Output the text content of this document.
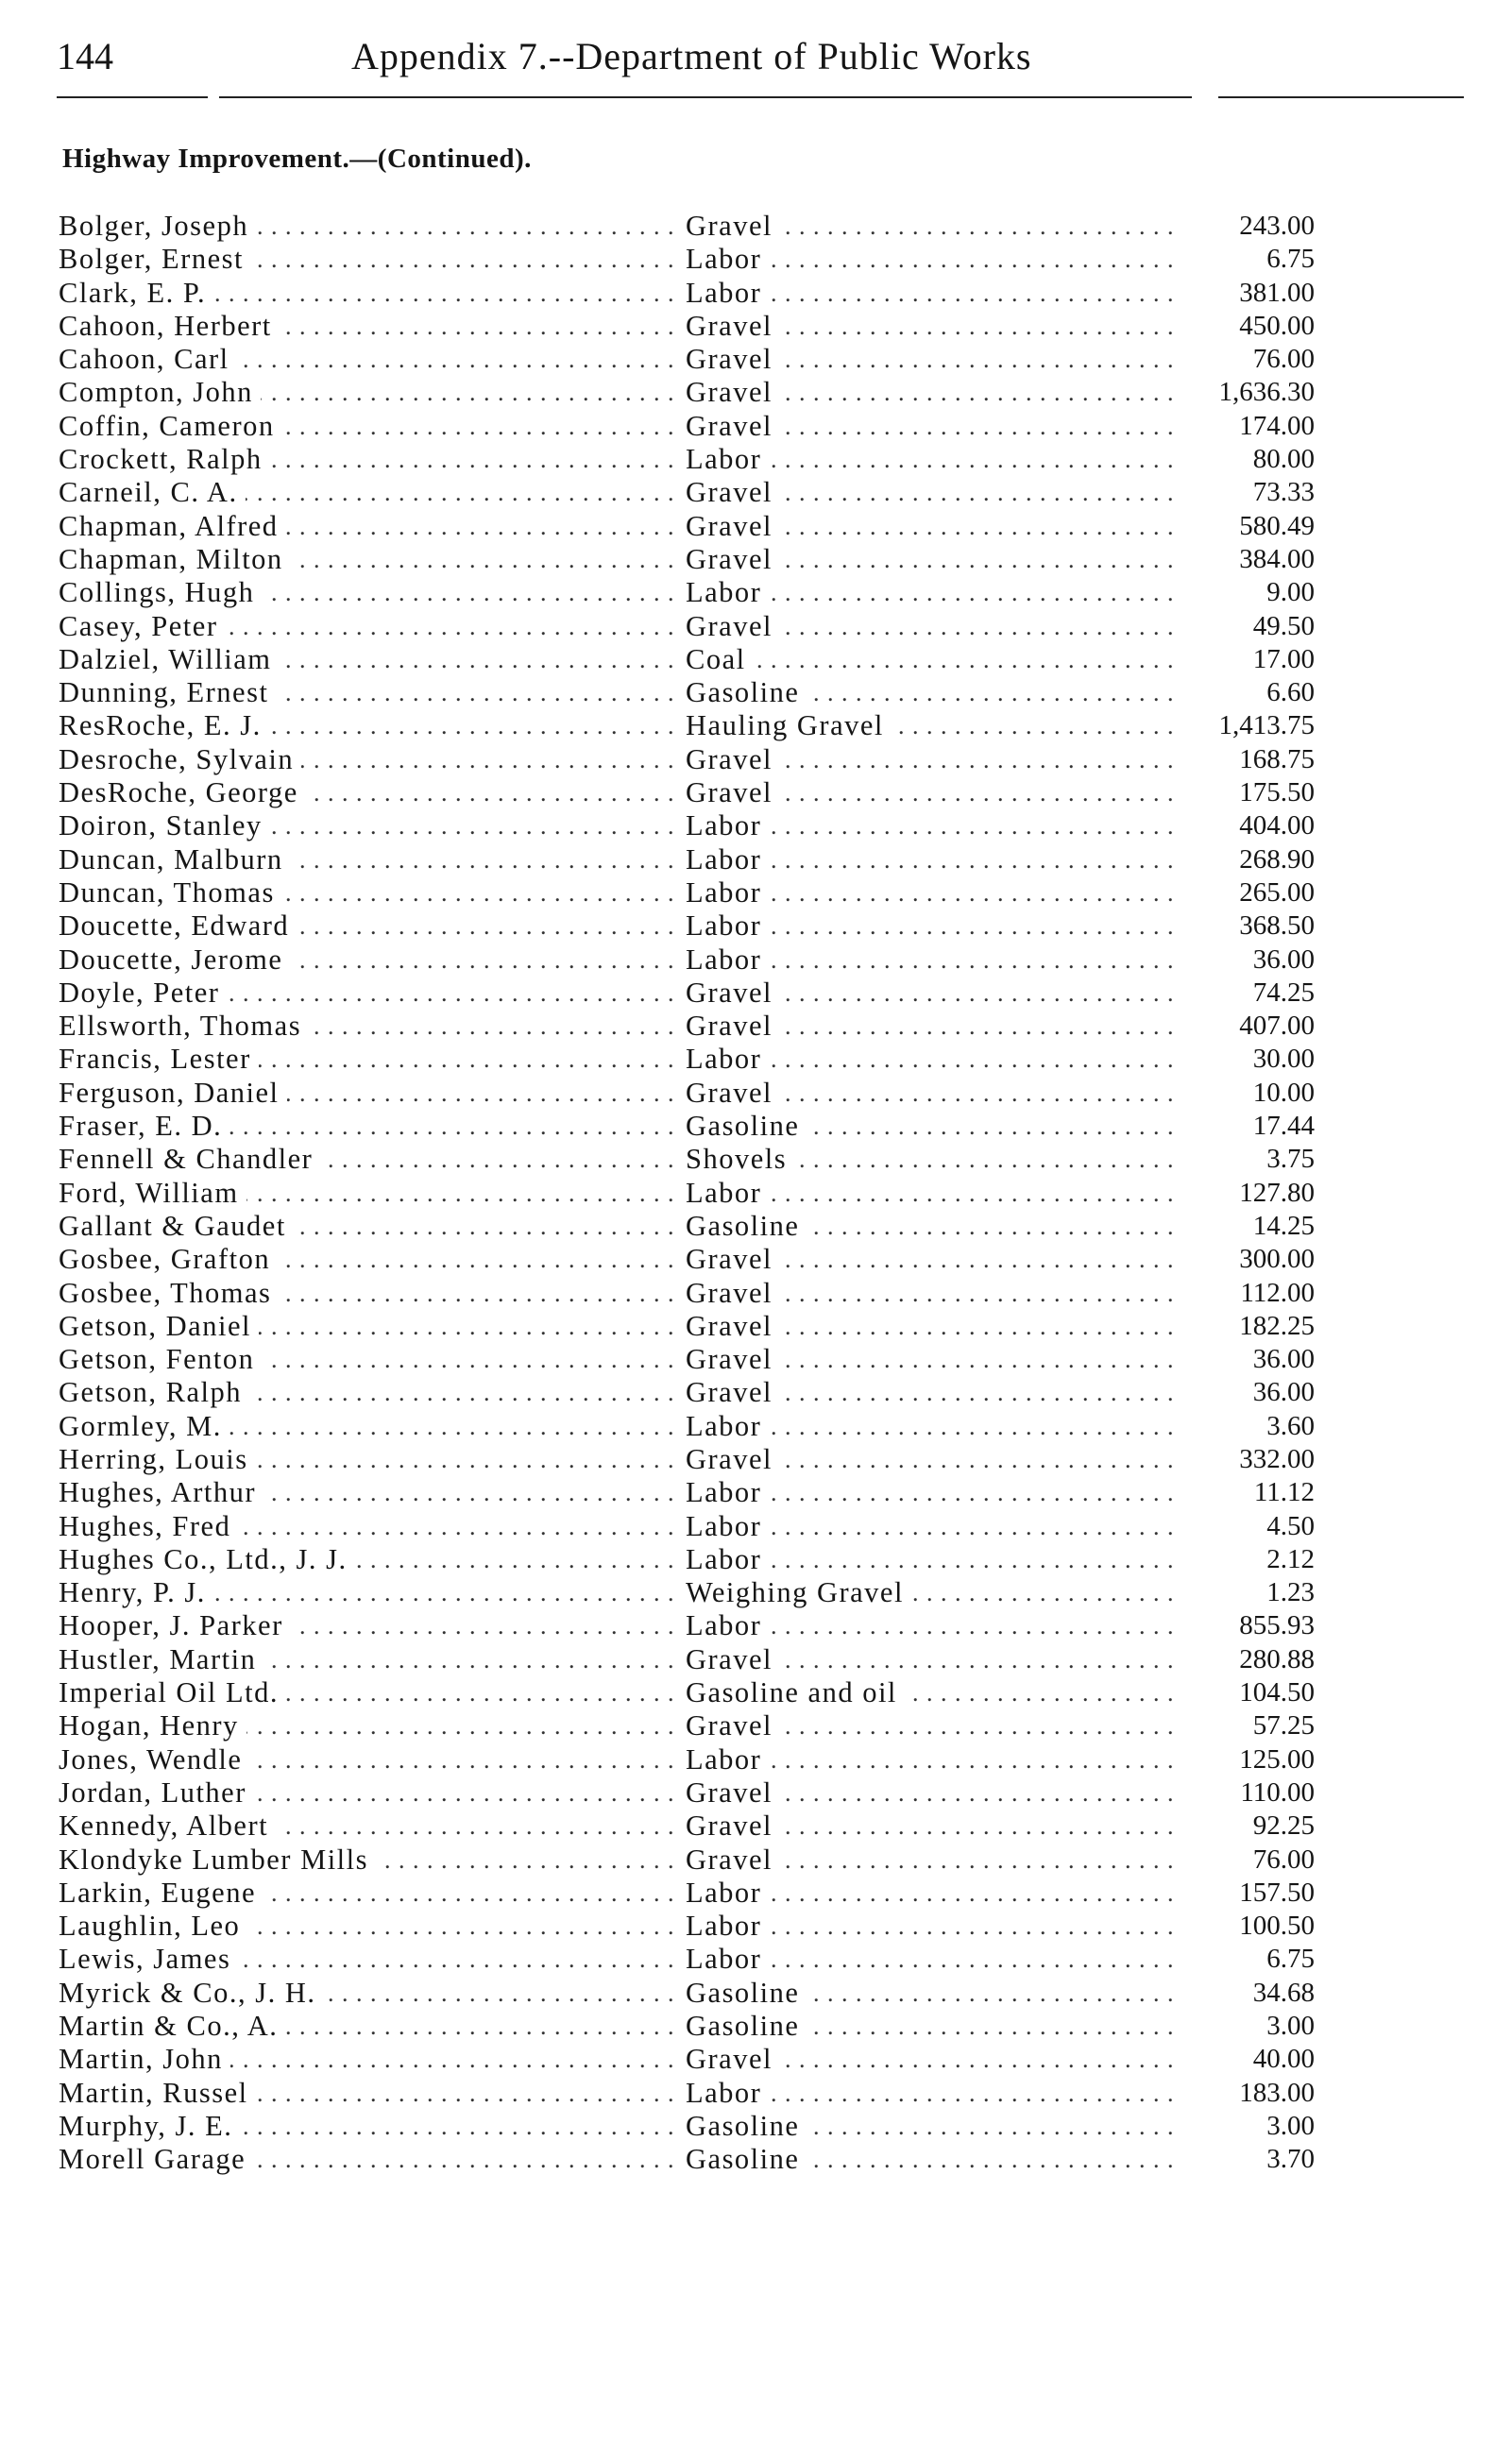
144	Appendix 7.--Department of Public Works
Highway Improvement.—(Continued).
Bolger, Joseph . . .	Gravel . . .	243.00
Bolger, Ernest . . .	Labor . . .	6.75
Clark, E. P. . . .	Labor . . .	381.00
Cahoon, Herbert . . .	Gravel . . .	450.00
Cahoon, Carl . . .	Gravel . . .	76.00
Compton, John . . .	Gravel . . .	1,636.30
Coffin, Cameron . . .	Gravel . . .	174.00
Crockett, Ralph . . .	Labor . . .	80.00
Carneil, C. A. . . .	Gravel . . .	73.33
Chapman, Alfred . . .	Gravel . . .	580.49
Chapman, Milton . . .	Gravel . . .	384.00
Collings, Hugh . . .	Labor . . .	9.00
Casey, Peter . . .	Gravel . . .	49.50
Dalziel, William . . .	Coal . . .	17.00
Dunning, Ernest . . .	Gasoline . . .	6.60
ResRoche, E. J. . . .	Hauling Gravel . . .	1,413.75
Desroche, Sylvain . . .	Gravel . . .	168.75
DesRoche, George . . .	Gravel . . .	175.50
Doiron, Stanley . . .	Labor . . .	404.00
Duncan, Malburn . . .	Labor . . .	268.90
Duncan, Thomas . . .	Labor . . .	265.00
Doucette, Edward . . .	Labor . . .	368.50
Doucette, Jerome . . .	Labor . . .	36.00
Doyle, Peter . . .	Gravel . . .	74.25
Ellsworth, Thomas . . .	Gravel . . .	407.00
Francis, Lester . . .	Labor . . .	30.00
Ferguson, Daniel . . .	Gravel . . .	10.00
Fraser, E. D. . . .	Gasoline . . .	17.44
Fennell & Chandler . . .	Shovels . . .	3.75
Ford, William . . .	Labor . . .	127.80
Gallant & Gaudet . . .	Gasoline . . .	14.25
Gosbee, Grafton . . .	Gravel . . .	300.00
Gosbee, Thomas . . .	Gravel . . .	112.00
Getson, Daniel . . .	Gravel . . .	182.25
Getson, Fenton . . .	Gravel . . .	36.00
Getson, Ralph . . .	Gravel . . .	36.00
Gormley, M. . . .	Labor . . .	3.60
Herring, Louis . . .	Gravel . . .	332.00
Hughes, Arthur . . .	Labor . . .	11.12
Hughes, Fred . . .	Labor . . .	4.50
Hughes Co., Ltd., J. J. . . .	Labor . . .	2.12
Henry, P. J. . . .	Weighing Gravel . . .	1.23
Hooper, J. Parker . . .	Labor . . .	855.93
Hustler, Martin . . .	Gravel . . .	280.88
Imperial Oil Ltd. . . .	Gasoline and oil . . .	104.50
Hogan, Henry . . .	Gravel . . .	57.25
Jones, Wendle . . .	Labor . . .	125.00
Jordan, Luther . . .	Gravel . . .	110.00
Kennedy, Albert . . .	Gravel . . .	92.25
Klondyke Lumber Mills . . .	Gravel . . .	76.00
Larkin, Eugene . . .	Labor . . .	157.50
Laughlin, Leo . . .	Labor . . .	100.50
Lewis, James . . .	Labor . . .	6.75
Myrick & Co., J. H. . . .	Gasoline . . .	34.68
Martin & Co., A. . . .	Gasoline . . .	3.00
Martin, John . . .	Gravel . . .	40.00
Martin, Russel . . .	Labor . . .	183.00
Murphy, J. E. . . .	Gasoline . . .	3.00
Morell Garage . . .	Gasoline . . .	3.70
